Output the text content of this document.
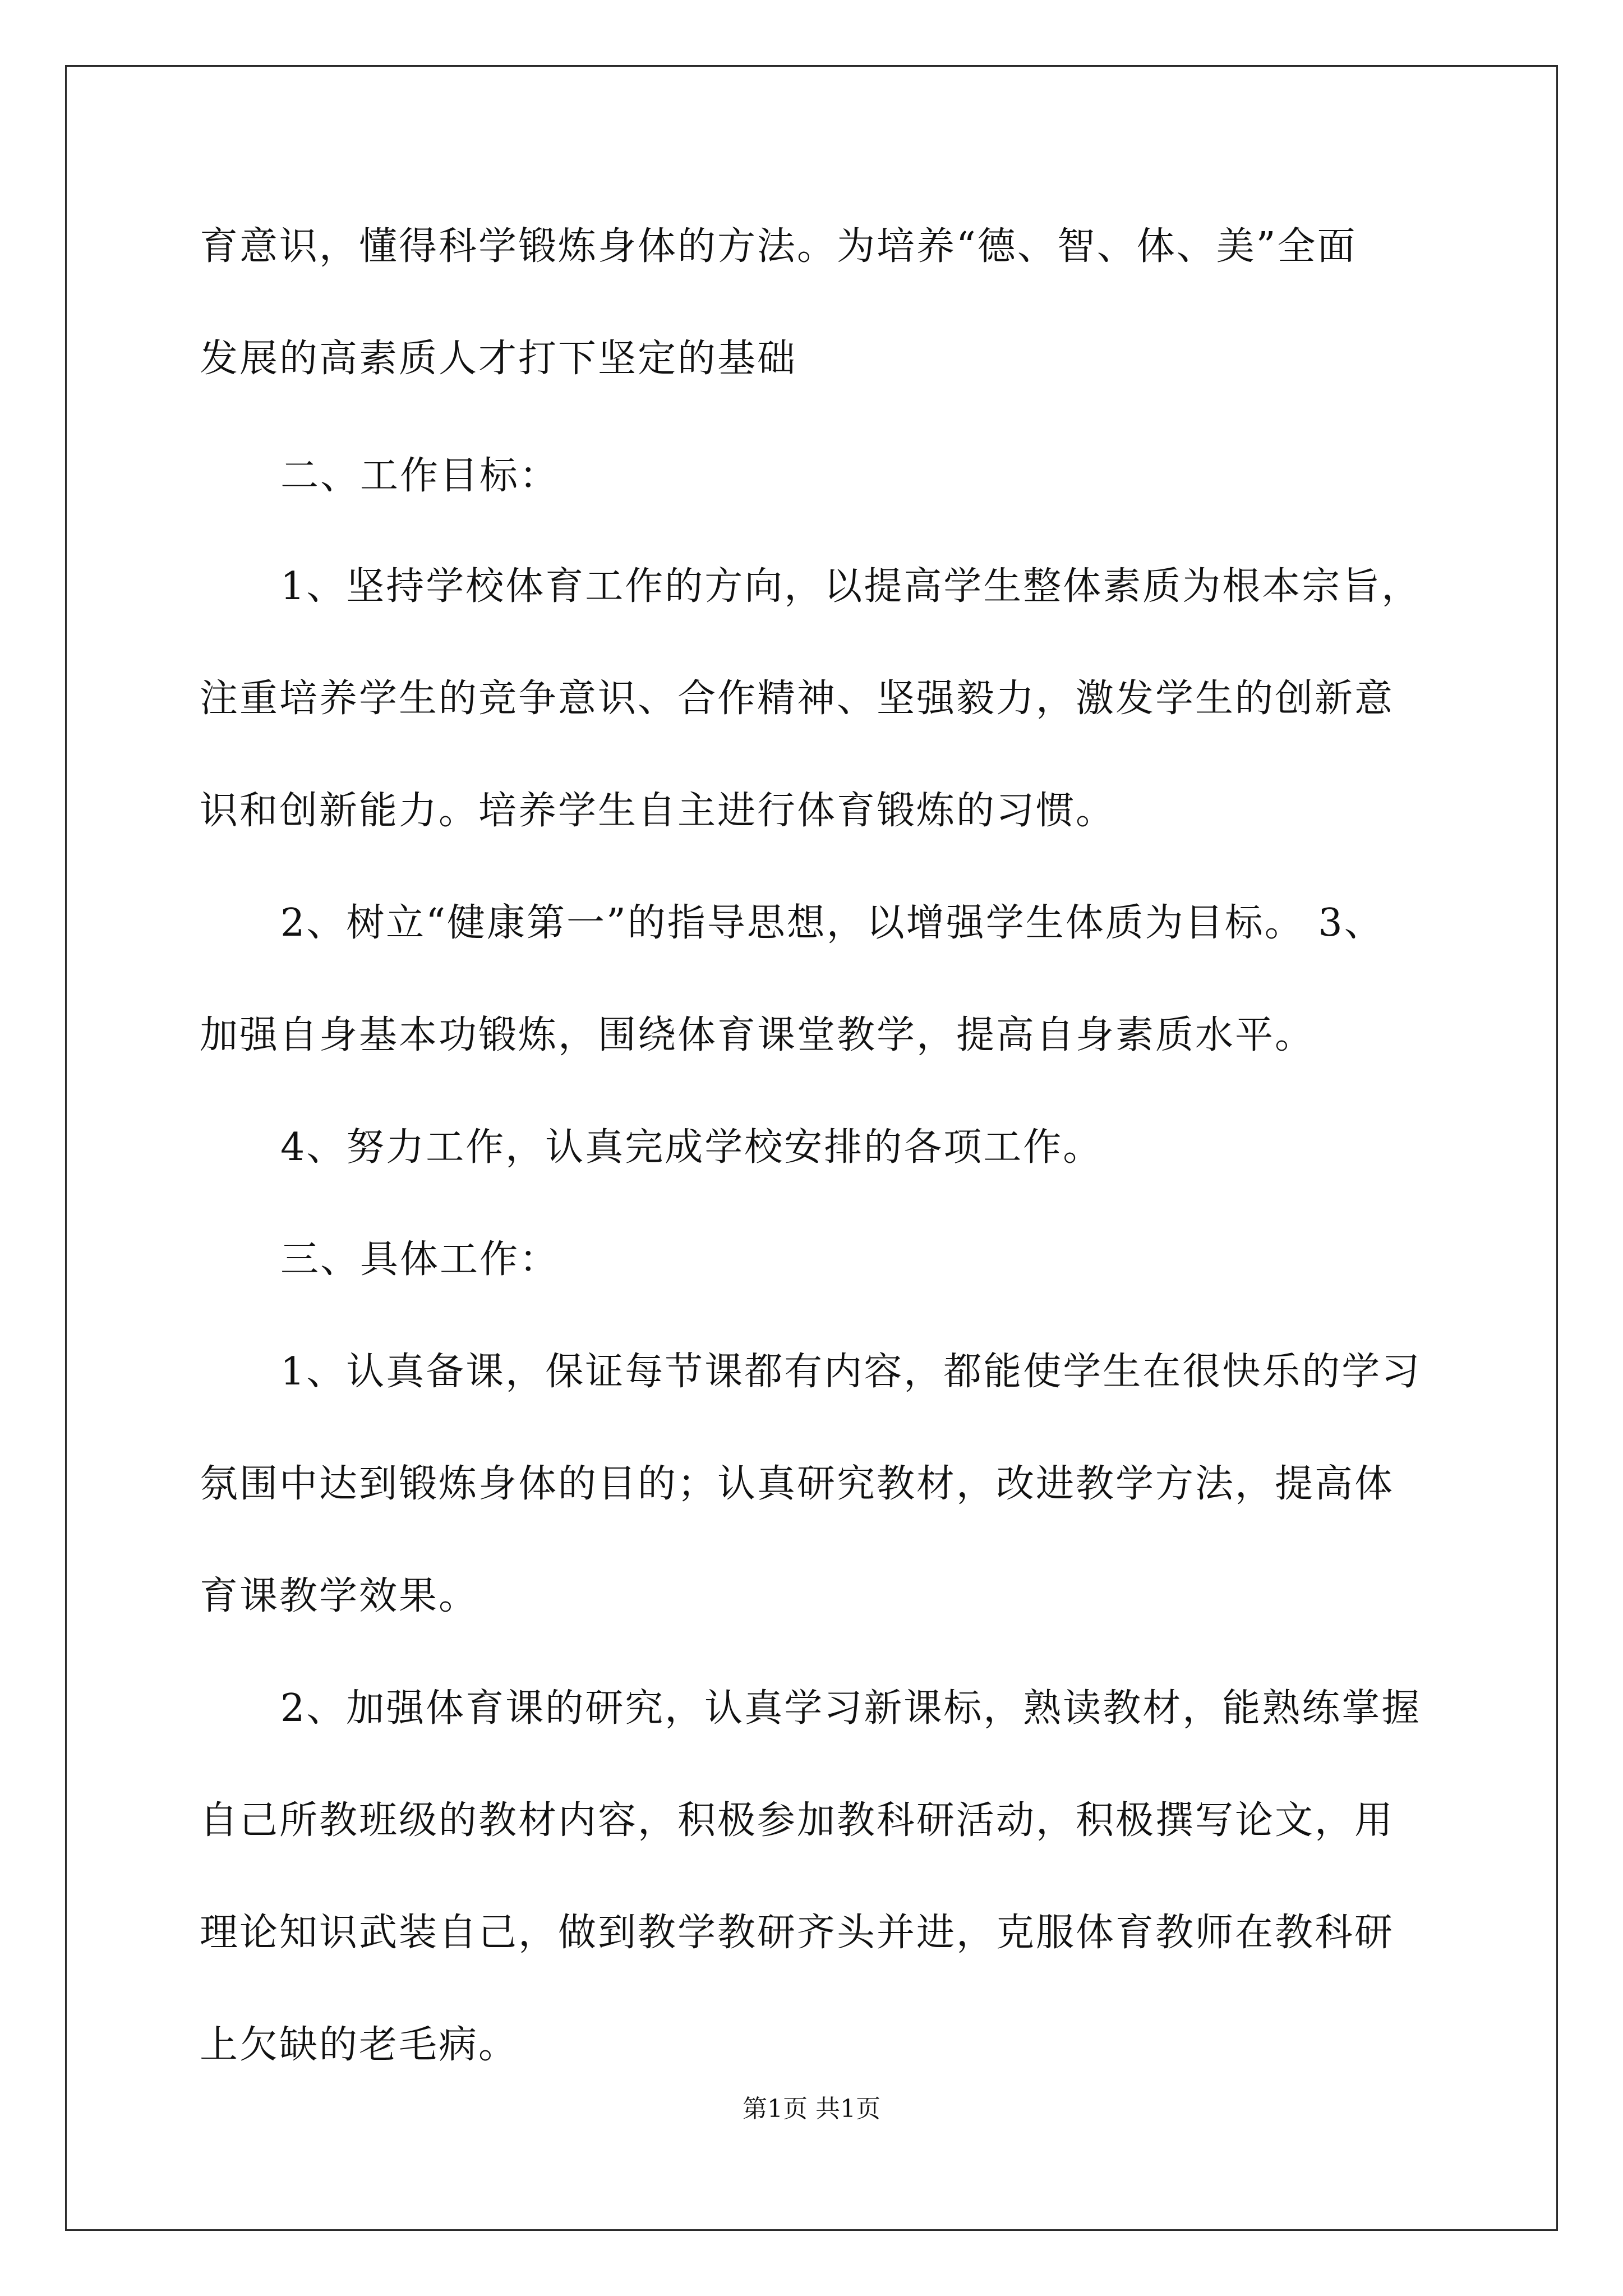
育意识，懂得科学锻炼身体的方法。为培养“德、智、体、美”全面

发展的高素质人才打下坚定的基础

二、工作目标：

1、坚持学校体育工作的方向，以提高学生整体素质为根本宗旨，

注重培养学生的竞争意识、合作精神、坚强毅力，激发学生的创新意

识和创新能力。培养学生自主进行体育锻炼的习惯。

2、树立“健康第一”的指导思想，以增强学生体质为目标。 3、

加强自身基本功锻炼，围绕体育课堂教学，提高自身素质水平。

4、努力工作，认真完成学校安排的各项工作。

三、具体工作：

1、认真备课，保证每节课都有内容，都能使学生在很快乐的学习

氛围中达到锻炼身体的目的；认真研究教材，改进教学方法，提高体

育课教学效果。

2、加强体育课的研究，认真学习新课标，熟读教材，能熟练掌握

自己所教班级的教材内容，积极参加教科研活动，积极撰写论文，用

理论知识武装自己，做到教学教研齐头并进，克服体育教师在教科研

上欠缺的老毛病。

第1页 共1页
